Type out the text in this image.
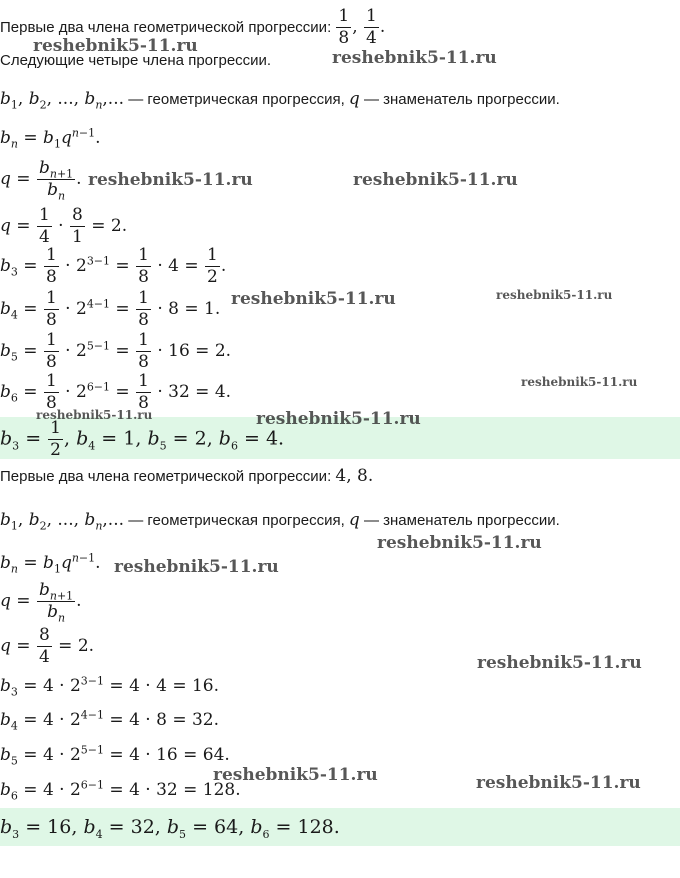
Первые два члена геометрической прогрессии: $\frac{1}{8}$ , $\frac{1}{4}$ .
Следующие четыре члена прогрессии.
$b_1$, $b_2$, ..., $b_n$,... — геометрическая прогрессия, q — знаменатель прогрессии.
$b_n = b_1q^{n-1}$.
$q = \frac{b_{n+1}}{b_n}$ .
$q = \frac{1}{4} \cdot \frac{8}{1} = 2$.
$b_3 = \frac{1}{8} \cdot 2^{3-1} = \frac{1}{8} \cdot 4 = \frac{1}{2}$ .
$b_4 = \frac{1}{8} \cdot 2^{4-1} = \frac{1}{8} \cdot 8 = 1$.
$b_5 = \frac{1}{8} \cdot 2^{5-1} = \frac{1}{8} \cdot 16 = 2$.
$b_6 = \frac{1}{8} \cdot 2^{6-1} = \frac{1}{8} \cdot 32 = 4$.
$b_3 = \frac{1}{2}$ , $b_4 = 1$, $b_5 = 2$, $b_6 = 4$.
Первые два члена геометрической прогрессии: 4, 8.
$b_1$, $b_2$, ..., $b_n$,... — геометрическая прогрессия, q — знаменатель прогрессии.
$b_n = b_1q^{n-1}$.
$q = \frac{b_{n+1}}{b_n}$ .
$q = \frac{8}{4} = 2$.
$b_3 = 4 \cdot 2^{3-1} = 4 \cdot 4 = 16$.
$b_4 = 4 \cdot 2^{4-1} = 4 \cdot 8 = 32$.
$b_5 = 4 \cdot 2^{5-1} = 4 \cdot 16 = 64$.
$b_6 = 4 \cdot 2^{6-1} = 4 \cdot 32 = 128$.
$b_3 = 16$, $b_4 = 32$, $b_5 = 64$, $b_6 = 128$.
reshebnik5-11.ru
reshebnik5-11.ru
reshebnik5-11.ru	reshebnik5-11.ru
reshebnik5-11.ru	reshebnik5-11.ru
reshebnik5-11.ru
reshebnik5-11.ru	reshebnik5-11.ru
reshebnik5-11.ru
reshebnik5-11.ru
reshebnik5-11.ru
reshebnik5-11.ru	reshebnik5-11.ru
